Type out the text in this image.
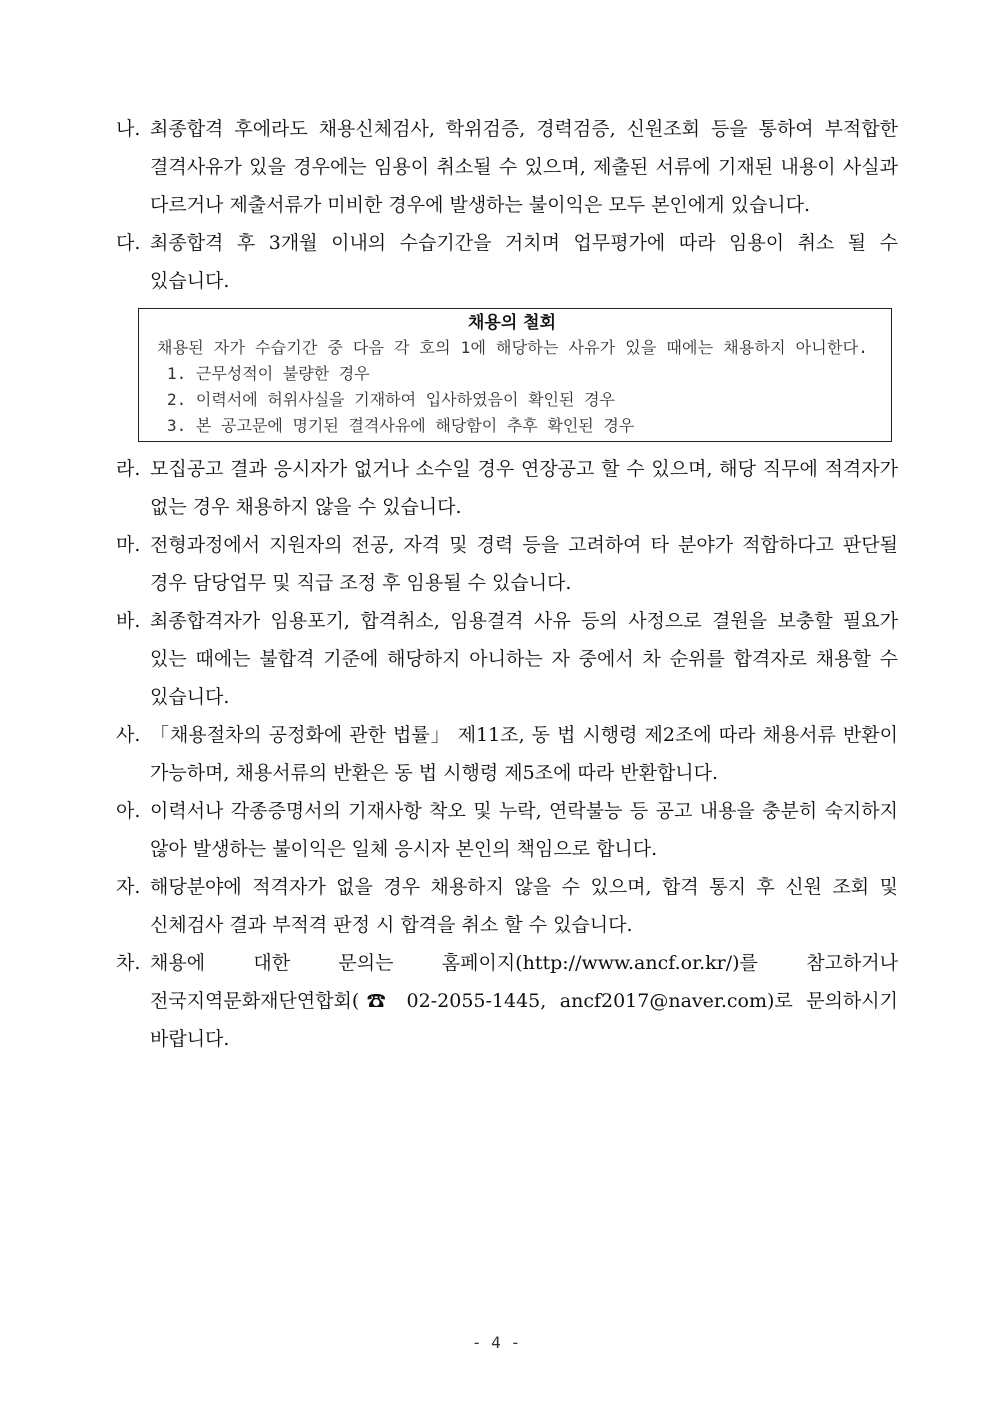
나. 최종합격 후에라도 채용신체검사, 학위검증, 경력검증, 신원조회 등을 통하여 부적합한 결격사유가 있을 경우에는 임용이 취소될 수 있으며, 제출된 서류에 기재된 내용이 사실과 다르거나 제출서류가 미비한 경우에 발생하는 불이익은 모두 본인에게 있습니다.
다. 최종합격 후 3개월 이내의 수습기간을 거치며 업무평가에 따라 임용이 취소 될 수 있습니다.
채용의 철회
채용된 자가 수습기간 중 다음 각 호의 1에 해당하는 사유가 있을 때에는 채용하지 아니한다.
1. 근무성적이 불량한 경우
2. 이력서에 허위사실을 기재하여 입사하였음이 확인된 경우
3. 본 공고문에 명기된 결격사유에 해당함이 추후 확인된 경우
라. 모집공고 결과 응시자가 없거나 소수일 경우 연장공고 할 수 있으며, 해당 직무에 적격자가 없는 경우 채용하지 않을 수 있습니다.
마. 전형과정에서 지원자의 전공, 자격 및 경력 등을 고려하여 타 분야가 적합하다고 판단될 경우 담당업무 및 직급 조정 후 임용될 수 있습니다.
바. 최종합격자가 임용포기, 합격취소, 임용결격 사유 등의 사정으로 결원을 보충할 필요가 있는 때에는 불합격 기준에 해당하지 아니하는 자 중에서 차 순위를 합격자로 채용할 수 있습니다.
사. 「채용절차의 공정화에 관한 법률」 제11조, 동 법 시행령 제2조에 따라 채용서류 반환이 가능하며, 채용서류의 반환은 동 법 시행령 제5조에 따라 반환합니다.
아. 이력서나 각종증명서의 기재사항 착오 및 누락, 연락불능 등 공고 내용을 충분히 숙지하지 않아 발생하는 불이익은 일체 응시자 본인의 책임으로 합니다.
자. 해당분야에 적격자가 없을 경우 채용하지 않을 수 있으며, 합격 통지 후 신원 조회 및 신체검사 결과 부적격 판정 시 합격을 취소 할 수 있습니다.
차. 채용에 대한 문의는 홈페이지(http://www.ancf.or.kr/)를 참고하거나 전국지역문화재단연합회(☎ 02-2055-1445, ancf2017@naver.com)로 문의하시기 바랍니다.
- 4 -
